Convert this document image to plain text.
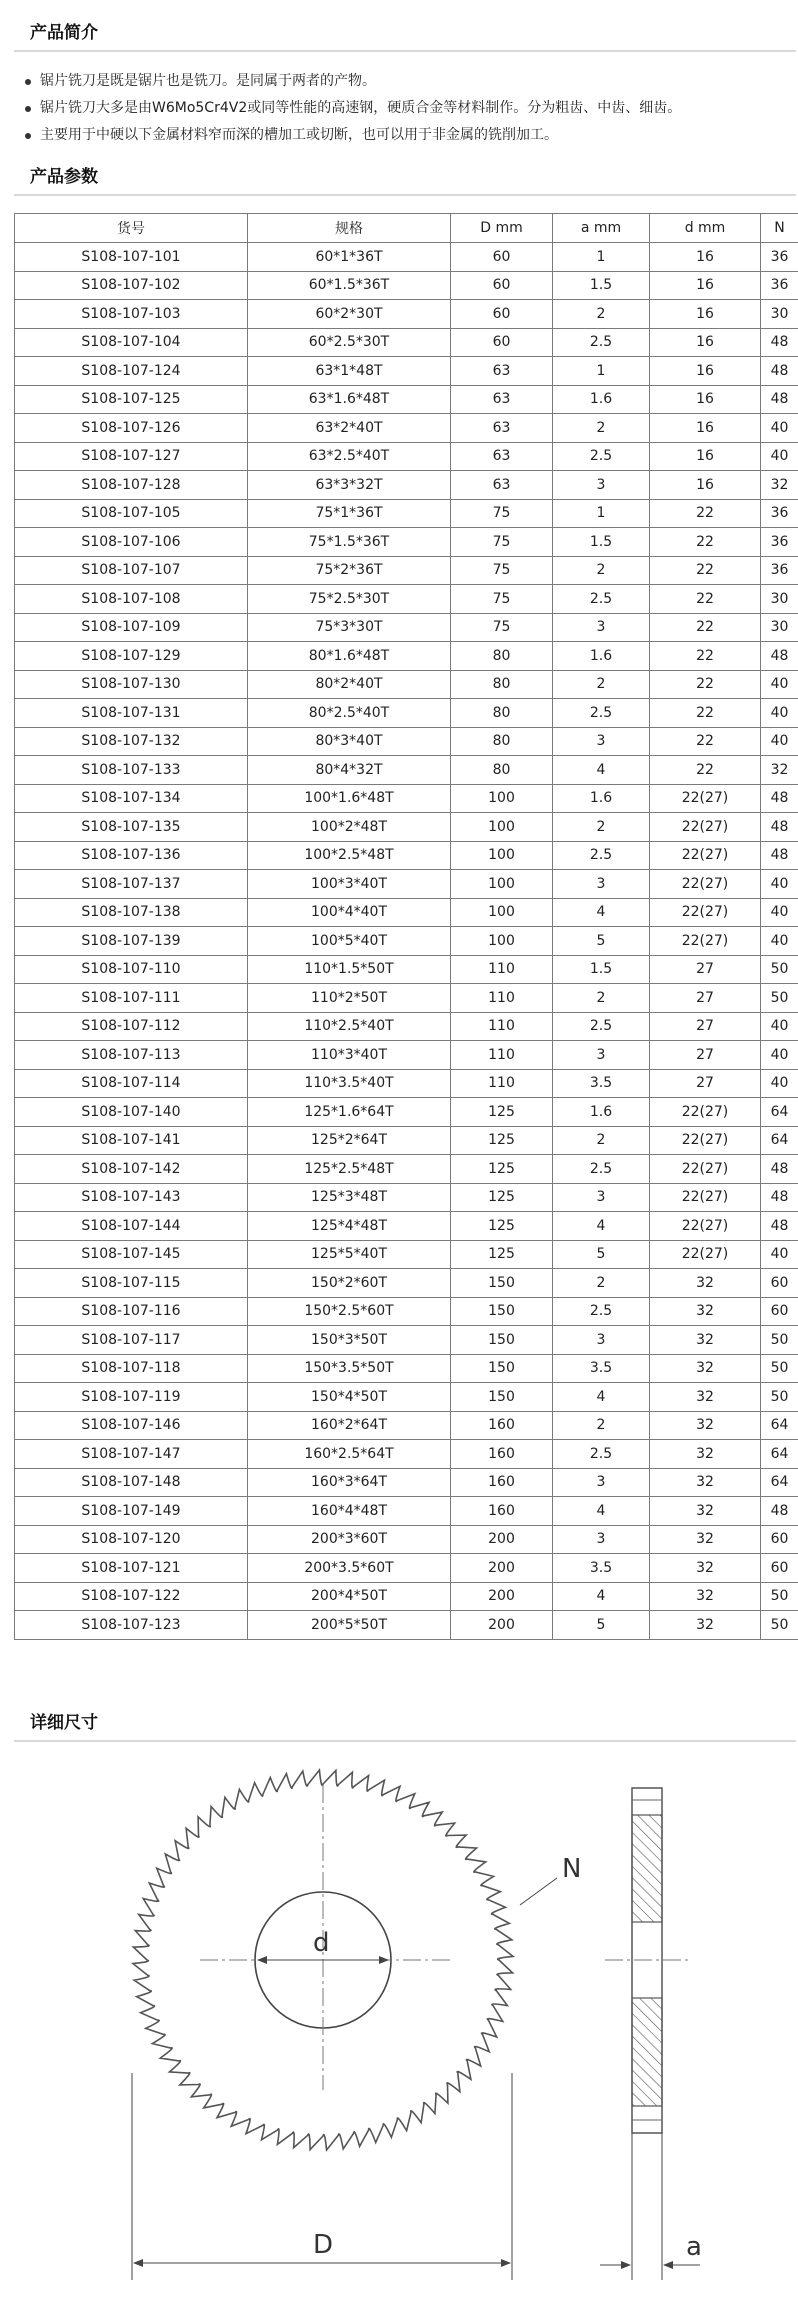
产品简介
锯片铣刀是既是锯片也是铣刀。是同属于两者的产物。
锯片铣刀大多是由W6Mo5Cr4V2或同等性能的高速钢，硬质合金等材料制作。分为粗齿、中齿、细齿。
主要用于中硬以下金属材料窄而深的槽加工或切断，也可以用于非金属的铣削加工。
产品参数
货号	规格	D mm	a mm	d mm	N
S108-107-101	60*1*36T	60	1	16	36
S108-107-102	60*1.5*36T	60	1.5	16	36
S108-107-103	60*2*30T	60	2	16	30
S108-107-104	60*2.5*30T	60	2.5	16	48
S108-107-124	63*1*48T	63	1	16	48
S108-107-125	63*1.6*48T	63	1.6	16	48
S108-107-126	63*2*40T	63	2	16	40
S108-107-127	63*2.5*40T	63	2.5	16	40
S108-107-128	63*3*32T	63	3	16	32
S108-107-105	75*1*36T	75	1	22	36
S108-107-106	75*1.5*36T	75	1.5	22	36
S108-107-107	75*2*36T	75	2	22	36
S108-107-108	75*2.5*30T	75	2.5	22	30
S108-107-109	75*3*30T	75	3	22	30
S108-107-129	80*1.6*48T	80	1.6	22	48
S108-107-130	80*2*40T	80	2	22	40
S108-107-131	80*2.5*40T	80	2.5	22	40
S108-107-132	80*3*40T	80	3	22	40
S108-107-133	80*4*32T	80	4	22	32
S108-107-134	100*1.6*48T	100	1.6	22(27)	48
S108-107-135	100*2*48T	100	2	22(27)	48
S108-107-136	100*2.5*48T	100	2.5	22(27)	48
S108-107-137	100*3*40T	100	3	22(27)	40
S108-107-138	100*4*40T	100	4	22(27)	40
S108-107-139	100*5*40T	100	5	22(27)	40
S108-107-110	110*1.5*50T	110	1.5	27	50
S108-107-111	110*2*50T	110	2	27	50
S108-107-112	110*2.5*40T	110	2.5	27	40
S108-107-113	110*3*40T	110	3	27	40
S108-107-114	110*3.5*40T	110	3.5	27	40
S108-107-140	125*1.6*64T	125	1.6	22(27)	64
S108-107-141	125*2*64T	125	2	22(27)	64
S108-107-142	125*2.5*48T	125	2.5	22(27)	48
S108-107-143	125*3*48T	125	3	22(27)	48
S108-107-144	125*4*48T	125	4	22(27)	48
S108-107-145	125*5*40T	125	5	22(27)	40
S108-107-115	150*2*60T	150	2	32	60
S108-107-116	150*2.5*60T	150	2.5	32	60
S108-107-117	150*3*50T	150	3	32	50
S108-107-118	150*3.5*50T	150	3.5	32	50
S108-107-119	150*4*50T	150	4	32	50
S108-107-146	160*2*64T	160	2	32	64
S108-107-147	160*2.5*64T	160	2.5	32	64
S108-107-148	160*3*64T	160	3	32	64
S108-107-149	160*4*48T	160	4	32	48
S108-107-120	200*3*60T	200	3	32	60
S108-107-121	200*3.5*60T	200	3.5	32	60
S108-107-122	200*4*50T	200	4	32	50
S108-107-123	200*5*50T	200	5	32	50
详细尺寸
d
N
D	a
